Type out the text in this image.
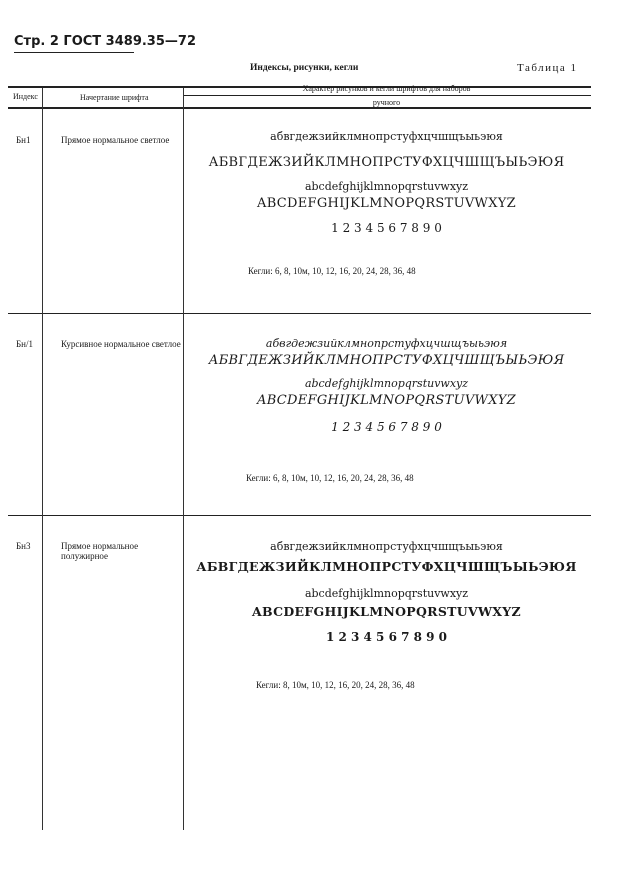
Стр. 2 ГОСТ 3489.35—72
Индексы, рисунки, кегли	Таблица 1
Индекс	Начертание шрифта
Характер рисунков и кегли шрифтов для наборов
ручного
Бн1	Прямое нормальное светлое	абвгдежзийклмнопрстуфхцчшщъыьэюя
АБВГДЕЖЗИЙКЛМНОПРСТУФХЦЧШЩЪЫЬЭЮЯ
abcdefghijklmnopqrstuvwxyz
ABCDEFGHIJKLMNOPQRSTUVWXYZ
1 2 3 4 5 6 7 8 9 0
Кегли: 6, 8, 10м, 10, 12, 16, 20, 24, 28, 36, 48
Бн/1	Курсивное нормальное светлое	абвгдежзийклмнопрстуфхцчшщъыьэюя
АБВГДЕЖЗИЙКЛМНОПРСТУФХЦЧШЩЪЫЬЭЮЯ
abcdefghijklmnopqrstuvwxyz
ABCDEFGHIJKLMNOPQRSTUVWXYZ
1 2 3 4 5 6 7 8 9 0
Кегли: 6, 8, 10м, 10, 12, 16, 20, 24, 28, 36, 48
Бн3	Прямое нормальное полужирное
абвгдежзийклмнопрстуфхцчшщъыьэюя
АБВГДЕЖЗИЙКЛМНОПРСТУФХЦЧШЩЪЫЬЭЮЯ
abcdefghijklmnopqrstuvwxyz
ABCDEFGHIJKLMNOPQRSTUVWXYZ
1 2 3 4 5 6 7 8 9 0
Кегли: 8, 10м, 10, 12, 16, 20, 24, 28, 36, 48
